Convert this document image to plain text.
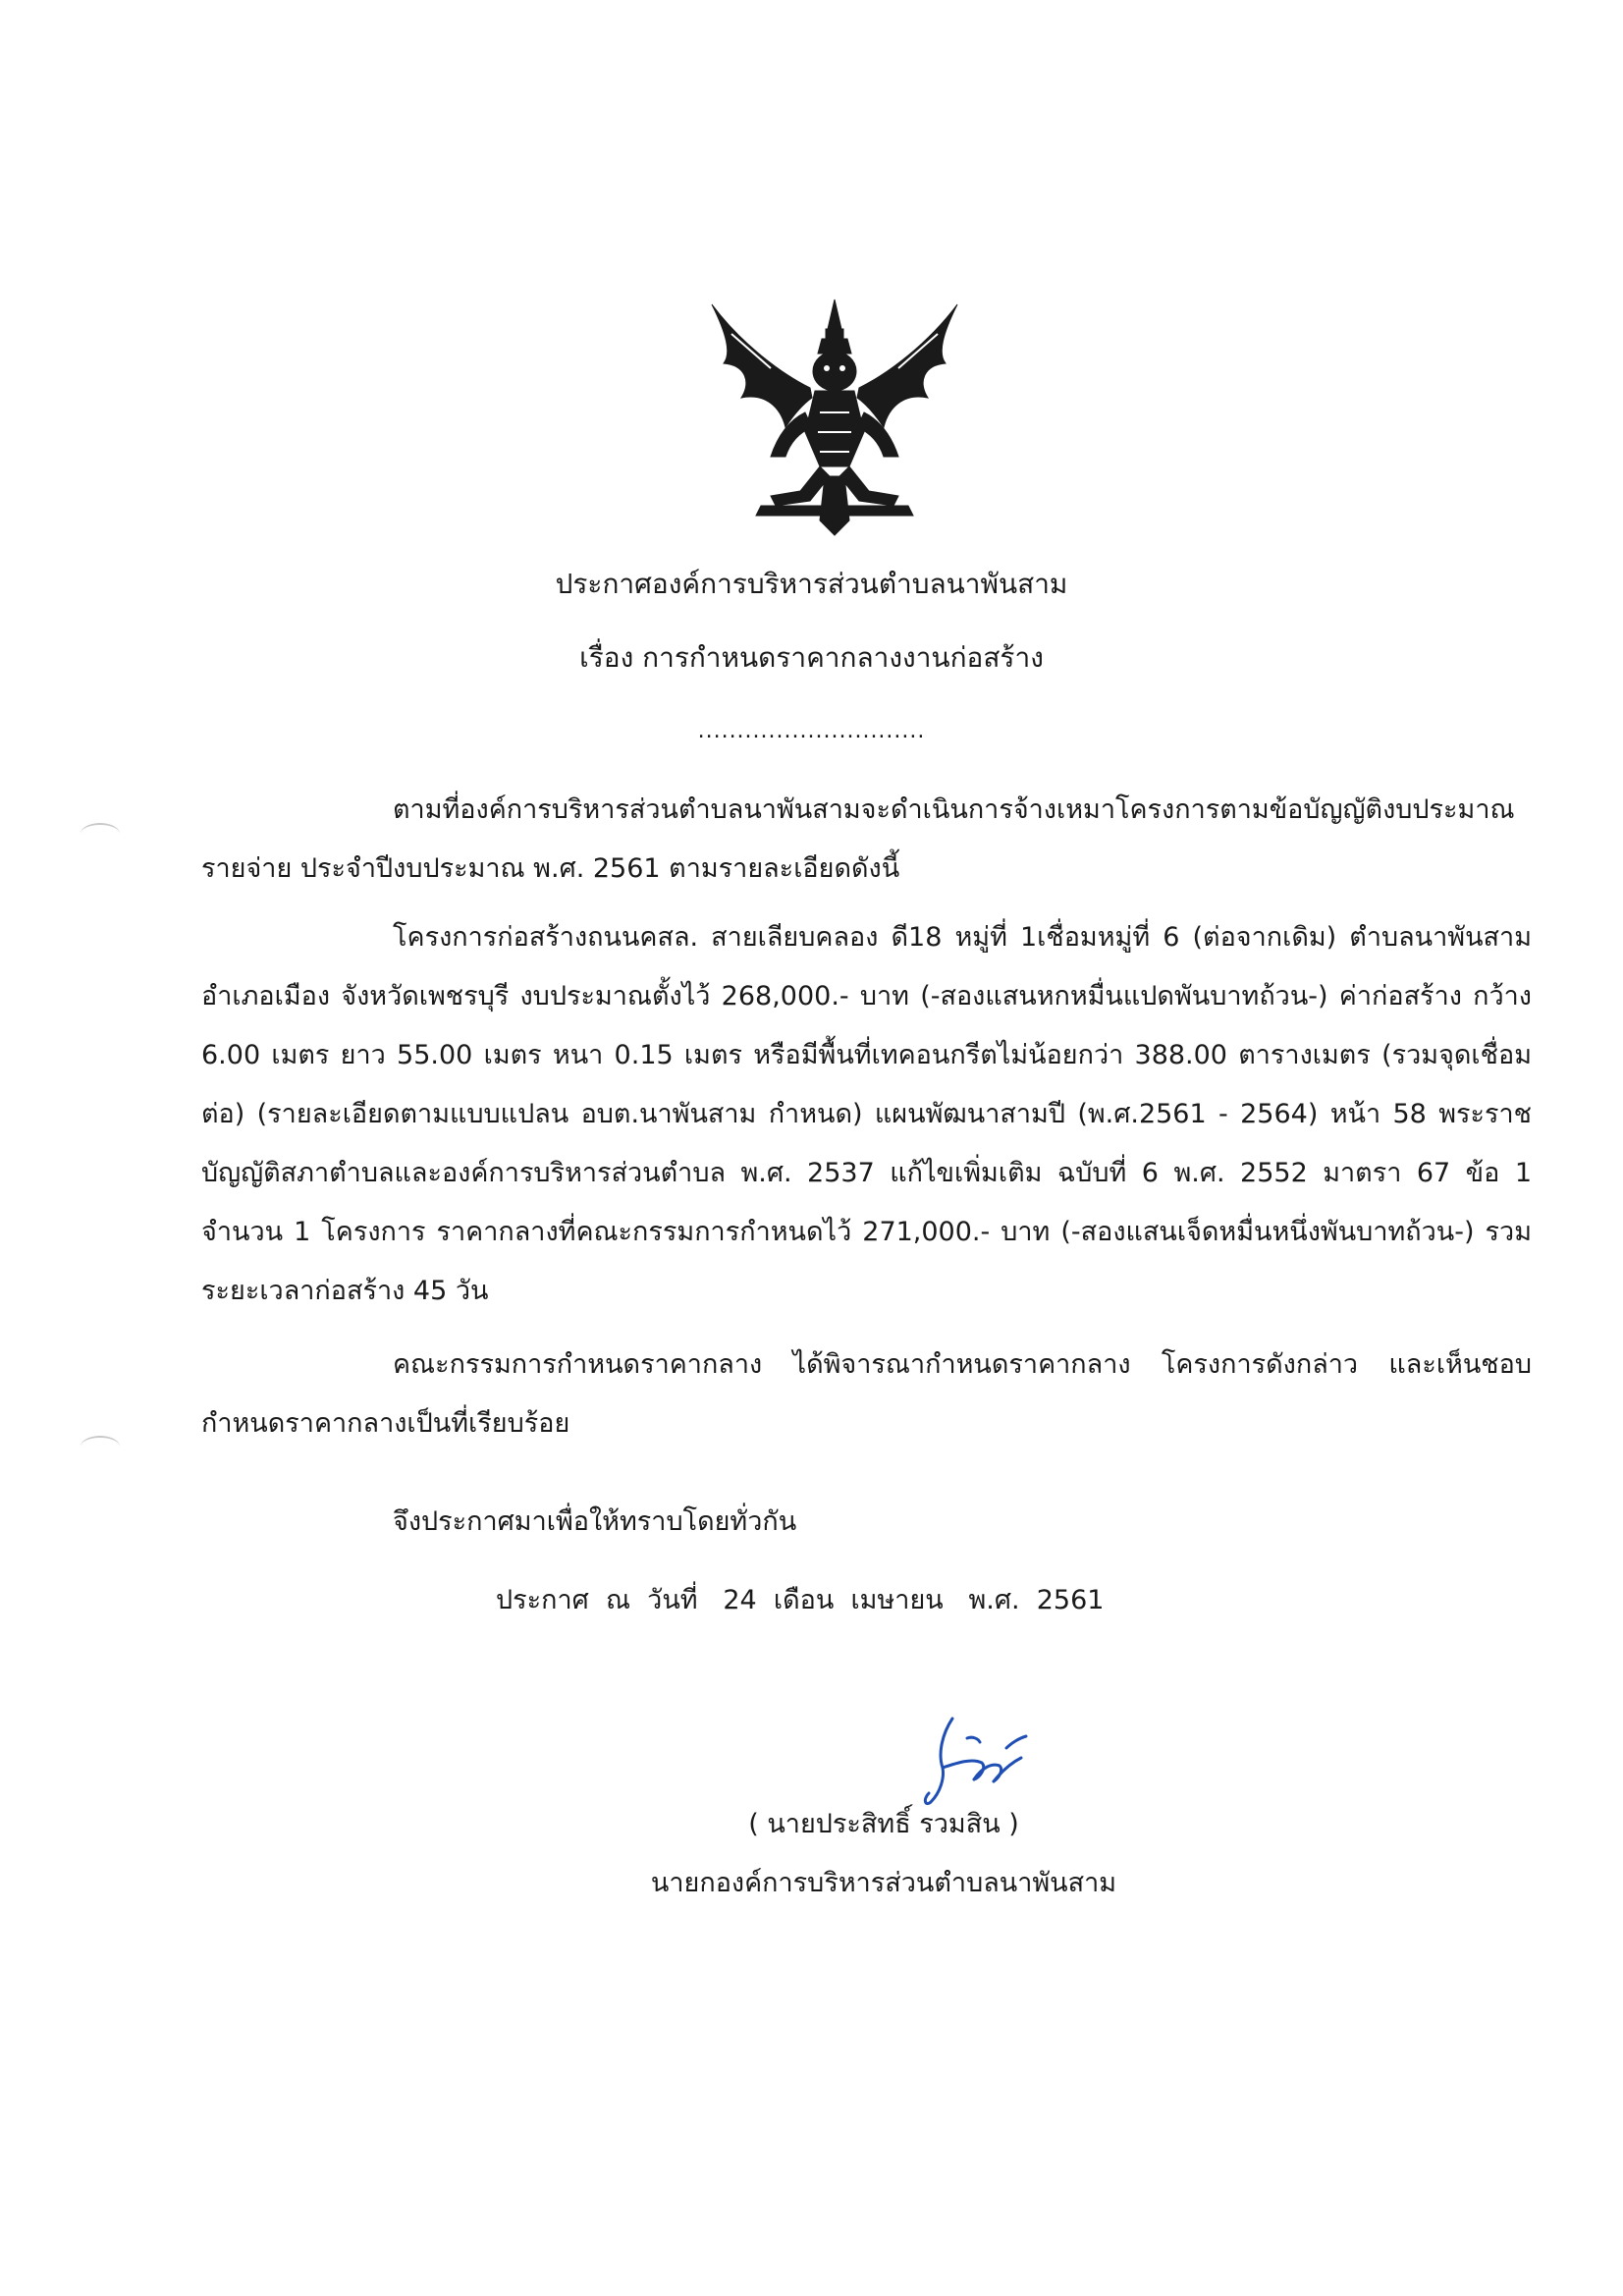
ประกาศองค์การบริหารส่วนตำบลนาพันสาม
เรื่อง การกำหนดราคากลางงานก่อสร้าง
.............................

ตามที่องค์การบริหารส่วนตำบลนาพันสามจะดำเนินการจ้างเหมาโครงการตามข้อบัญญัติงบประมาณรายจ่าย ประจำปีงบประมาณ พ.ศ. 2561 ตามรายละเอียดดังนี้

โครงการก่อสร้างถนนคสล. สายเลียบคลอง ดี18 หมู่ที่ 1เชื่อมหมู่ที่ 6 (ต่อจากเดิม) ตำบลนาพันสาม อำเภอเมือง จังหวัดเพชรบุรี งบประมาณตั้งไว้ 268,000.- บาท (-สองแสนหกหมื่นแปดพันบาทถ้วน-) ค่าก่อสร้าง กว้าง 6.00 เมตร ยาว 55.00 เมตร หนา 0.15 เมตร หรือมีพื้นที่เทคอนกรีตไม่น้อยกว่า 388.00 ตารางเมตร (รวมจุดเชื่อมต่อ) (รายละเอียดตามแบบแปลน อบต.นาพันสาม กำหนด) แผนพัฒนาสามปี (พ.ศ.2561 - 2564) หน้า 58 พระราชบัญญัติสภาตำบลและองค์การบริหารส่วนตำบล พ.ศ. 2537 แก้ไขเพิ่มเติม ฉบับที่ 6 พ.ศ. 2552 มาตรา 67 ข้อ 1 จำนวน 1 โครงการ ราคากลางที่คณะกรรมการกำหนดไว้ 271,000.- บาท (-สองแสนเจ็ดหมื่นหนึ่งพันบาทถ้วน-) รวมระยะเวลาก่อสร้าง 45 วัน

คณะกรรมการกำหนดราคากลาง ได้พิจารณากำหนดราคากลาง โครงการดังกล่าว และเห็นชอบกำหนดราคากลางเป็นที่เรียบร้อย

จึงประกาศมาเพื่อให้ทราบโดยทั่วกัน

ประกาศ  ณ  วันที่   24  เดือน  เมษายน   พ.ศ.  2561
( นายประสิทธิ์ รวมสิน )
นายกองค์การบริหารส่วนตำบลนาพันสาม
